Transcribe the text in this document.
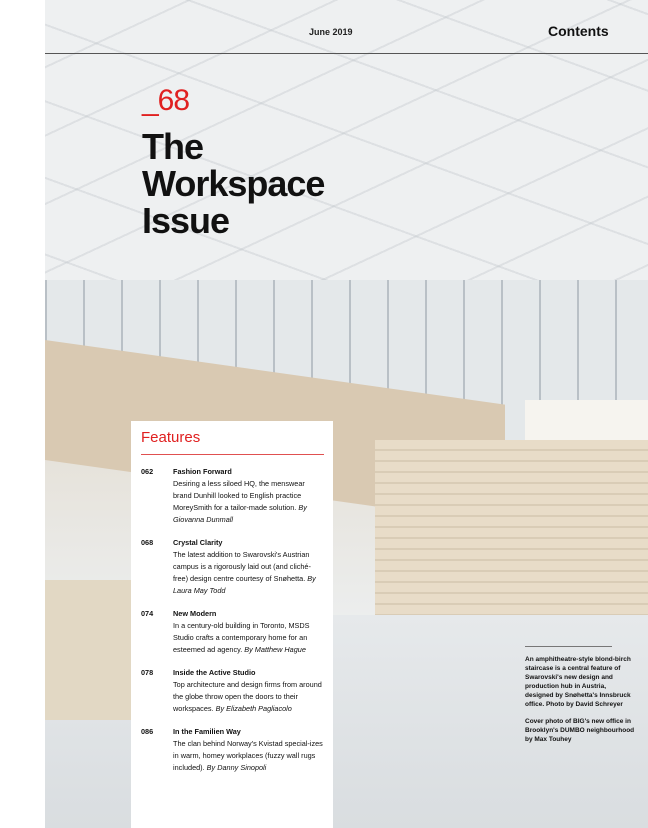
June 2019	Contents
_68
The Workspace Issue
Features
062	Fashion Forward
Desiring a less siloed HQ, the menswear brand Dunhill looked to English practice MoreySmith for a tailor-made solution. By Giovanna Dunmall
068	Crystal Clarity
The latest addition to Swarovski's Austrian campus is a rigorously laid out (and cliché-free) design centre courtesy of Snøhetta. By Laura May Todd
074	New Modern
In a century-old building in Toronto, MSDS Studio crafts a contemporary home for an esteemed ad agency. By Matthew Hague
078	Inside the Active Studio
Top architecture and design firms from around the globe throw open the doors to their workspaces. By Elizabeth Pagliacolo
086	In the Familien Way
The clan behind Norway's Kvistad special-izes in warm, homey workplaces (fuzzy wall rugs included). By Danny Sinopoli

An amphitheatre-style blond-birch staircase is a central feature of Swarovski's new design and production hub in Austria, designed by Snøhetta's Innsbruck office. Photo by David Schreyer

Cover photo of BIG's new office in Brooklyn's DUMBO neighbourhood by Max Touhey
